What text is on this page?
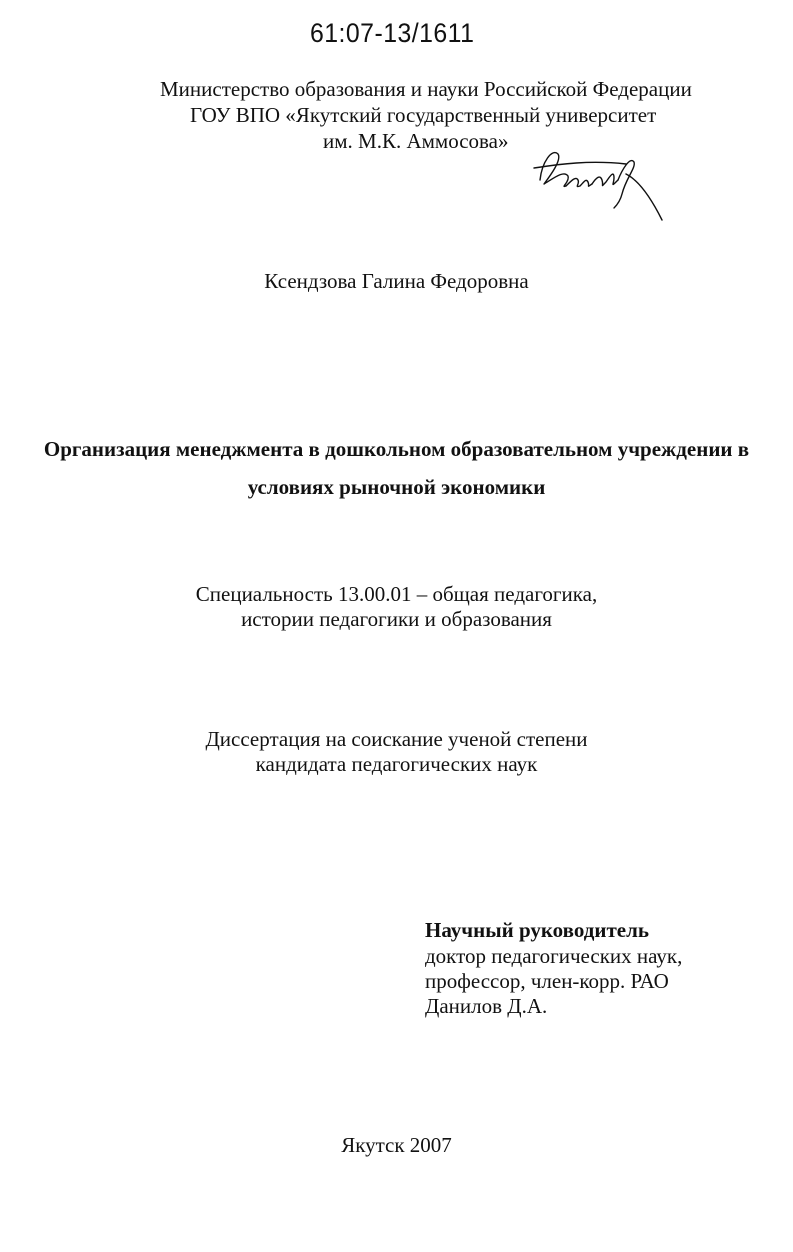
61:07-13/1611
Министерство образования и науки Российской Федерации
ГОУ ВПО «Якутский государственный университет
им. М.К. Аммосова»
Ксендзова Галина Федоровна
Организация менеджмента в дошкольном образовательном учреждении в
условиях рыночной экономики
Специальность 13.00.01 – общая педагогика,
истории педагогики и образования
Диссертация на соискание ученой степени
кандидата педагогических наук
Научный руководитель
доктор педагогических наук,
профессор, член-корр. РАО
Данилов Д.А.
Якутск 2007
